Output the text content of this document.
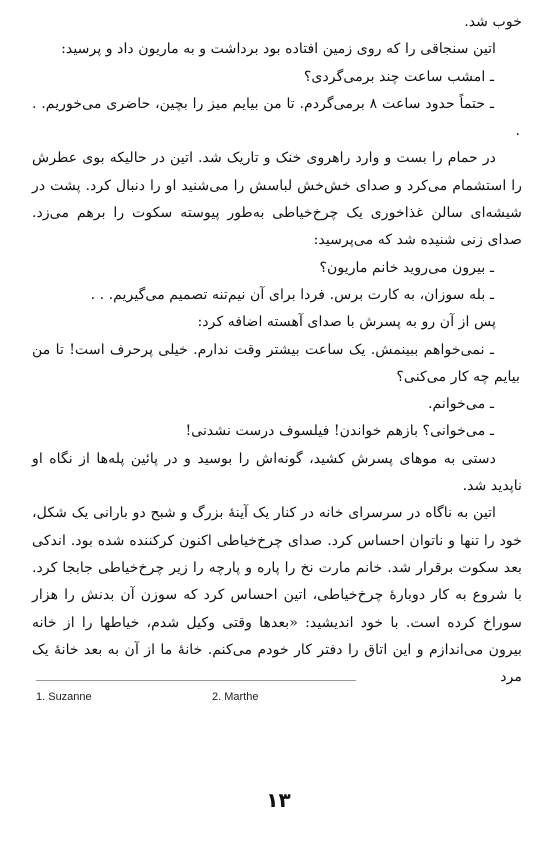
خوب شد.

اتین سنجاقی را که روی زمین افتاده بود برداشت و به ماریون داد و پرسید:

ـ امشب ساعت چند برمی‌گردی؟

ـ حتماً حدود ساعت ۸ برمی‌گردم. تا من بیایم میز را بچین، حاضری می‌خوریم. . .

در حمام را بست و وارد راهروی خنک و تاریک شد. اتین در حالیکه بوی عطرش را استشمام می‌کرد و صدای خش‌خش لباسش را می‌شنید او را دنبال کرد. پشت در شیشه‌ای سالن غذاخوری یک چرخ‌خیاطی به‌طور پیوسته سکوت را برهم می‌زد. صدای زنی شنیده شد که می‌پرسید:

ـ بیرون می‌روید خانم ماریون؟

ـ بله سوزان، به کارت برس. فردا برای آن نیم‌تنه تصمیم می‌گیریم. . .

پس از آن رو به پسرش با صدای آهسته اضافه کرد:

ـ نمی‌خواهم ببینمش. یک ساعت بیشتر وقت ندارم. خیلی پرحرف است! تا من بیایم چه کار می‌کنی؟

ـ می‌خوانم.

ـ می‌خوانی؟ بازهم خواندن! فیلسوف درست نشدنی!

دستی به موهای پسرش کشید، گونه‌اش را بوسید و در پائین پله‌ها از نگاه او ناپدید شد.

اتین به ناگاه در سرسرای خانه در کنار یک آینهٔ بزرگ و شبح دو بارانی یک شکل، خود را تنها و ناتوان احساس کرد. صدای چرخ‌خیاطی اکنون کرکننده شده بود. اندکی بعد سکوت برقرار شد. خانم مارت نخ را پاره و پارچه را زیر چرخ‌خیاطی جابجا کرد. با شروع به کار دوبارهٔ چرخ‌خیاطی، اتین احساس کرد که سوزن آن بدنش را هزار سوراخ کرده است. با خود اندیشید: «بعدها وقتی وکیل شدم، خیاطها را از خانه بیرون می‌اندازم و این اتاق را دفتر کار خودم می‌کنم. خانهٔ ما از آن به بعد خانهٔ یک مرد

1. Suzanne	2. Marthe
۱۳
